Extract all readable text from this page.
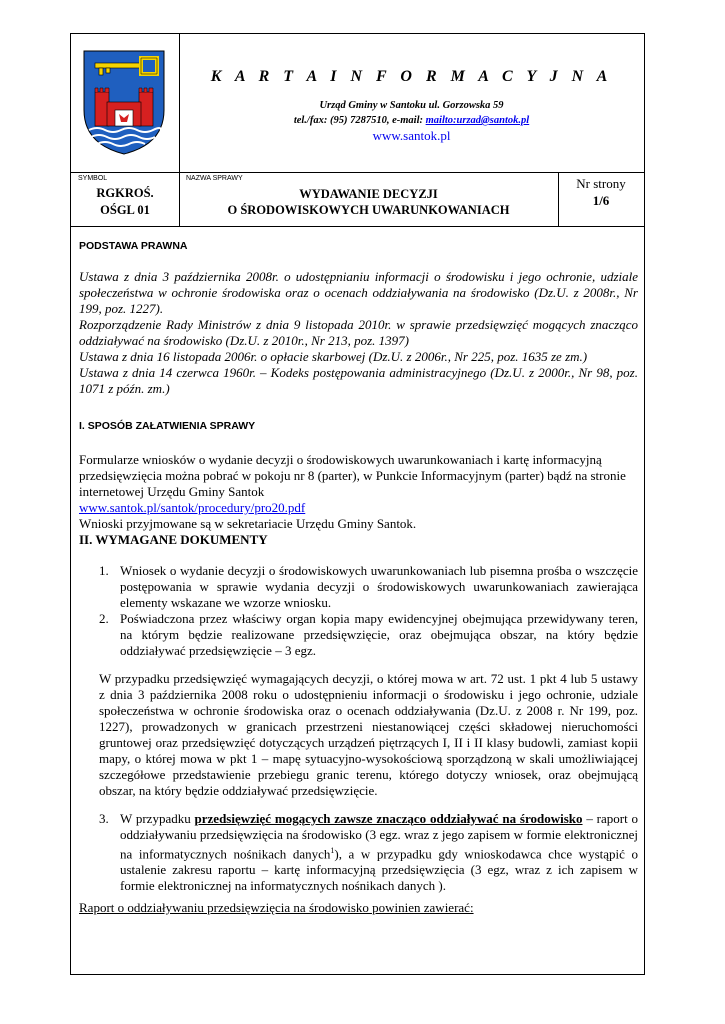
K A R T A I N F O R M A C Y J N A
Urząd Gminy w Santoku ul. Gorzowska 59
tel./fax: (95) 7287510, e-mail: mailto:urzad@santok.pl
www.santok.pl
SYMBOL
RGKROŚ.
OŚGL 01
NAZWA SPRAWY
WYDAWANIE DECYZJI
O ŚRODOWISKOWYCH UWARUNKOWANIACH
Nr strony
1/6

PODSTAWA PRAWNA

Ustawa z dnia 3 października 2008r. o udostępnianiu informacji o środowisku i jego ochronie, udziale społeczeństwa w ochronie środowiska oraz o ocenach oddziaływania na środowisko (Dz.U. z 2008r., Nr 199, poz. 1227).

Rozporządzenie Rady Ministrów z dnia 9 listopada 2010r. w sprawie przedsięwzięć mogących znacząco oddziaływać na środowisko (Dz.U. z 2010r., Nr 213, poz. 1397)

Ustawa z dnia 16 listopada 2006r. o opłacie skarbowej (Dz.U. z 2006r., Nr 225, poz. 1635 ze zm.)

Ustawa z dnia 14 czerwca 1960r. – Kodeks postępowania administracyjnego (Dz.U. z 2000r., Nr 98, poz. 1071 z późn. zm.)

I. SPOSÓB ZAŁATWIENIA SPRAWY

Formularze wniosków o wydanie decyzji o środowiskowych uwarunkowaniach i kartę informacyjną przedsięwzięcia można pobrać w pokoju nr 8 (parter), w Punkcie Informacyjnym (parter) bądź na stronie internetowej Urzędu Gminy Santok

www.santok.pl/santok/procedury/pro20.pdf

Wnioski przyjmowane są w sekretariacie Urzędu Gminy Santok.

II. WYMAGANE DOKUMENTY

1. Wniosek o wydanie decyzji o środowiskowych uwarunkowaniach lub pisemna prośba o wszczęcie postępowania w sprawie wydania decyzji o środowiskowych uwarunkowaniach zawierająca elementy wskazane we wzorze wniosku.
2. Poświadczona przez właściwy organ kopia mapy ewidencyjnej obejmująca przewidywany teren, na którym będzie realizowane przedsięwzięcie, oraz obejmująca obszar, na który będzie oddziaływać przedsięwzięcie – 3 egz.

W przypadku przedsięwzięć wymagających decyzji, o której mowa w art. 72 ust. 1 pkt 4 lub 5 ustawy z dnia 3 października 2008 roku o udostępnieniu informacji o środowisku i jego ochronie, udziale społeczeństwa w ochronie środowiska oraz o ocenach oddziaływania (Dz.U. z 2008 r. Nr 199, poz. 1227), prowadzonych w granicach przestrzeni niestanowiącej części składowej nieruchomości gruntowej oraz przedsięwzięć dotyczących urządzeń piętrzących I, II i II klasy budowli, zamiast kopii mapy, o której mowa w pkt 1 – mapę sytuacyjno-wysokościową sporządzoną w skali umożliwiającej szczegółowe przedstawienie przebiegu granic terenu, którego dotyczy wniosek, oraz obejmującą obszar, na który będzie oddziaływać przedsięwzięcie.

3. W przypadku przedsięwzięć mogących zawsze znacząco oddziaływać na środowisko – raport o oddziaływaniu przedsięwzięcia na środowisko (3 egz. wraz z jego zapisem w formie elektronicznej na informatycznych nośnikach danych$^1$), a w przypadku gdy wnioskodawca chce wystąpić o ustalenie zakresu raportu – kartę informacyjną przedsięwzięcia (3 egz, wraz z ich zapisem w formie elektronicznej na informatycznych nośnikach danych ).

Raport o oddziaływaniu przedsięwzięcia na środowisko powinien zawierać:
